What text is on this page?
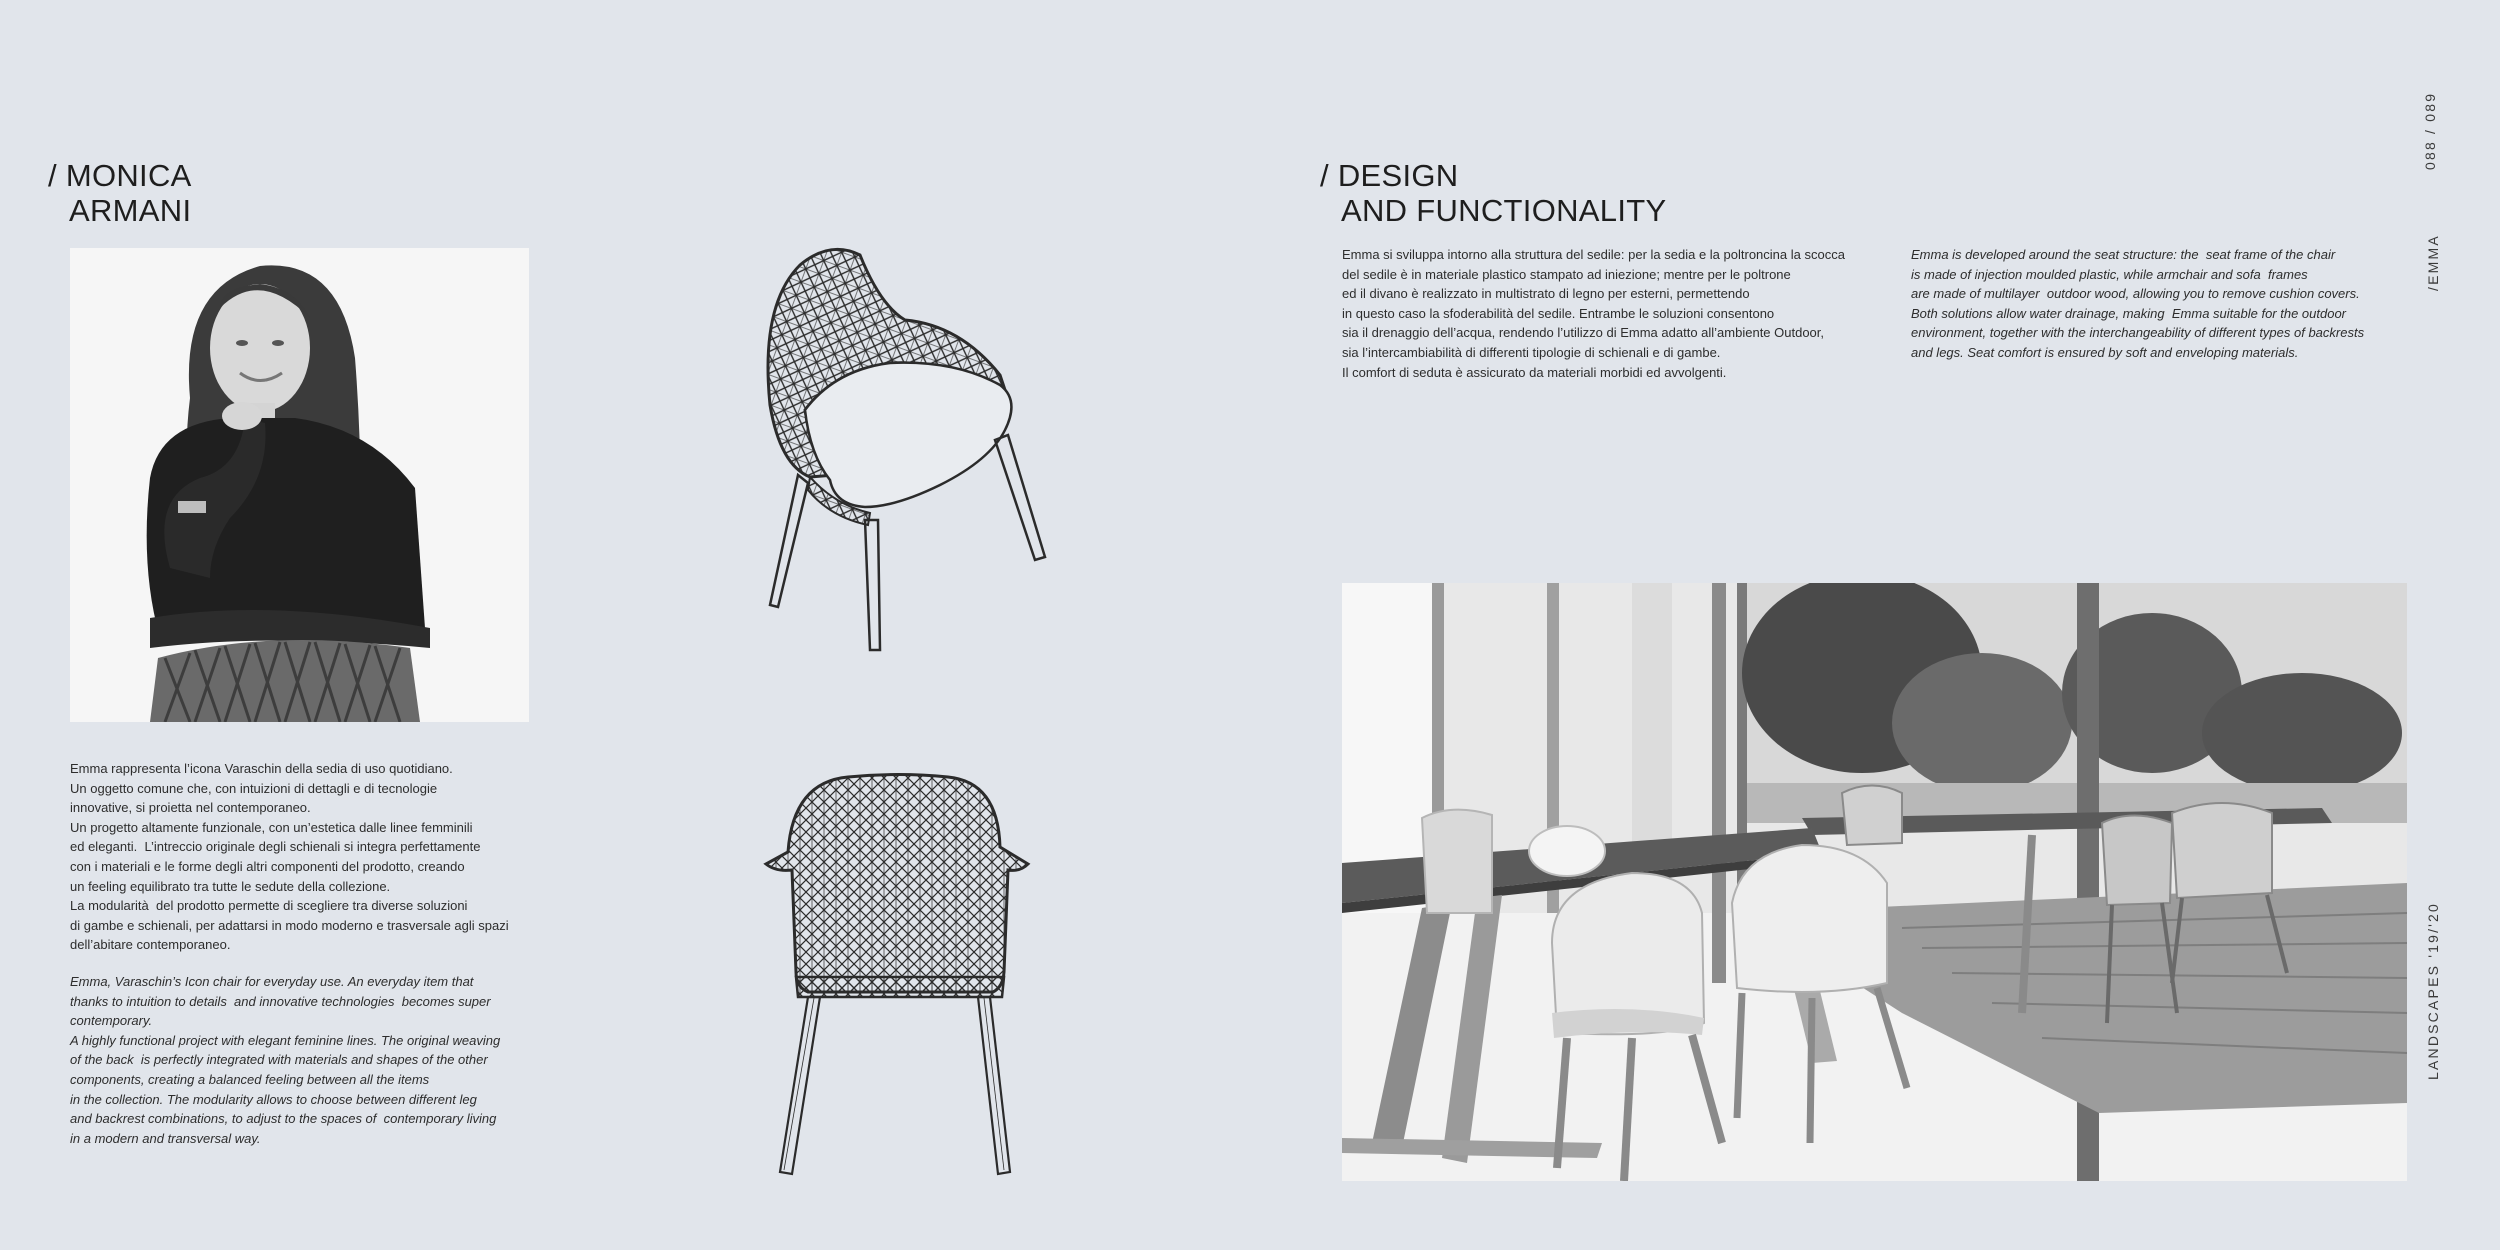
/ MONICA
ARMANI

Emma rappresenta l’icona Varaschin della sedia di uso quotidiano.

Un oggetto comune che, con intuizioni di dettagli e di tecnologie

innovative, si proietta nel contemporaneo.

Un progetto altamente funzionale, con un’estetica dalle linee femminili

ed eleganti.  L’intreccio originale degli schienali si integra perfettamente

con i materiali e le forme degli altri componenti del prodotto, creando

un feeling equilibrato tra tutte le sedute della collezione.

La modularità  del prodotto permette di scegliere tra diverse soluzioni

di gambe e schienali, per adattarsi in modo moderno e trasversale agli spazi

dell’abitare contemporaneo.

Emma, Varaschin’s Icon chair for everyday use. An everyday item that

thanks to intuition to details  and innovative technologies  becomes super

contemporary.

A highly functional project with elegant feminine lines. The original weaving

of the back  is perfectly integrated with materials and shapes of the other

components, creating a balanced feeling between all the items

in the collection. The modularity allows to choose between different leg

and backrest combinations, to adjust to the spaces of  contemporary living

in a modern and transversal way.

/ DESIGN
AND FUNCTIONALITY

Emma si sviluppa intorno alla struttura del sedile: per la sedia e la poltroncina la scocca

del sedile è in materiale plastico stampato ad iniezione; mentre per le poltrone

ed il divano è realizzato in multistrato di legno per esterni, permettendo

in questo caso la sfoderabilità del sedile. Entrambe le soluzioni consentono

sia il drenaggio dell’acqua, rendendo l’utilizzo di Emma adatto all’ambiente Outdoor,

sia l’intercambiabilità di differenti tipologie di schienali e di gambe.

Il comfort di seduta è assicurato da materiali morbidi ed avvolgenti.

Emma is developed around the seat structure: the  seat frame of the chair

is made of injection moulded plastic, while armchair and sofa  frames

are made of multilayer  outdoor wood, allowing you to remove cushion covers.

Both solutions allow water drainage, making  Emma suitable for the outdoor

environment, together with the interchangeability of different types of backrests

and legs. Seat comfort is ensured by soft and enveloping materials.

088 / 089
/EMMA
LANDSCAPES '19/'20
